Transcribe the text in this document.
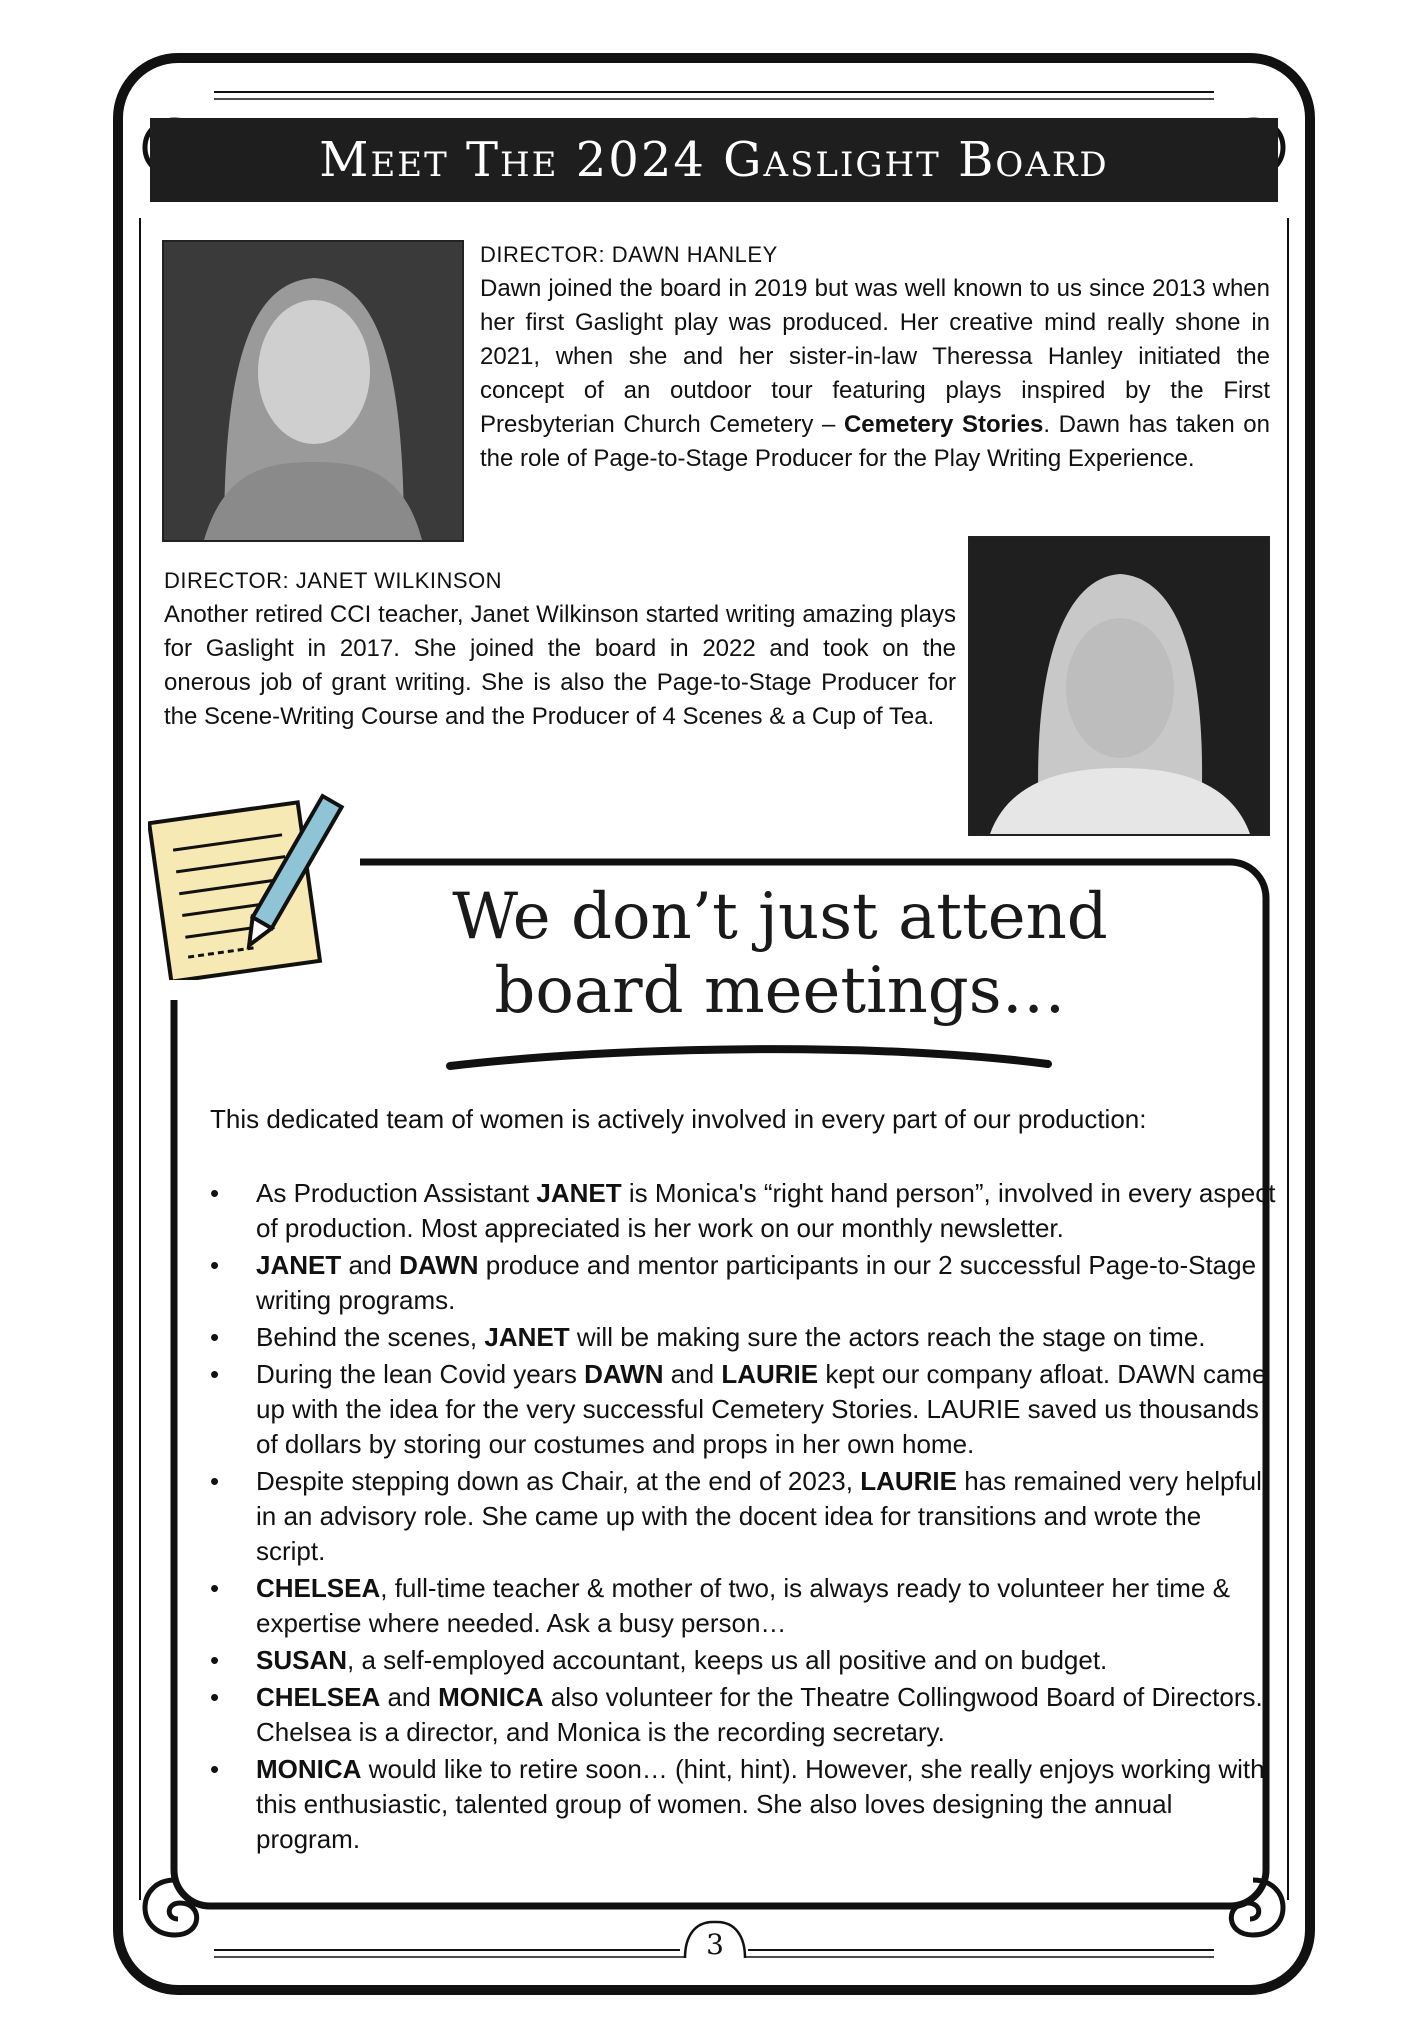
Meet The 2024 Gaslight Board
DIRECTOR: DAWN HANLEY
Dawn joined the board in 2019 but was well known to us since 2013 when her first Gaslight play was produced. Her creative mind really shone in 2021, when she and her sister-in-law Theressa Hanley initiated the concept of an outdoor tour featuring plays inspired by the First Presbyterian Church Cemetery – Cemetery Stories. Dawn has taken on the role of Page-to-Stage Producer for the Play Writing Experience.
DIRECTOR: JANET WILKINSON
Another retired CCI teacher, Janet Wilkinson started writing amazing plays for Gaslight in 2017. She joined the board in 2022 and took on the onerous job of grant writing. She is also the Page-to-Stage Producer for the Scene-Writing Course and the Producer of 4 Scenes & a Cup of Tea.
We don’t just attend
board meetings…
This dedicated team of women is actively involved in every part of our production:
• As Production Assistant JANET is Monica's “right hand person”, involved in every aspect of production. Most appreciated is her work on our monthly newsletter.
• JANET and DAWN produce and mentor participants in our 2 successful Page-to-Stage writing programs.
• Behind the scenes, JANET will be making sure the actors reach the stage on time.
• During the lean Covid years DAWN and LAURIE kept our company afloat. DAWN came up with the idea for the very successful Cemetery Stories. LAURIE saved us thousands of dollars by storing our costumes and props in her own home.
• Despite stepping down as Chair, at the end of 2023, LAURIE has remained very helpful in an advisory role. She came up with the docent idea for transitions and wrote the script.
• CHELSEA, full-time teacher & mother of two, is always ready to volunteer her time & expertise where needed. Ask a busy person…
• SUSAN, a self-employed accountant, keeps us all positive and on budget.
• CHELSEA and MONICA also volunteer for the Theatre Collingwood Board of Directors. Chelsea is a director, and Monica is the recording secretary.
• MONICA would like to retire soon… (hint, hint). However, she really enjoys working with this enthusiastic, talented group of women. She also loves designing the annual program.
3
